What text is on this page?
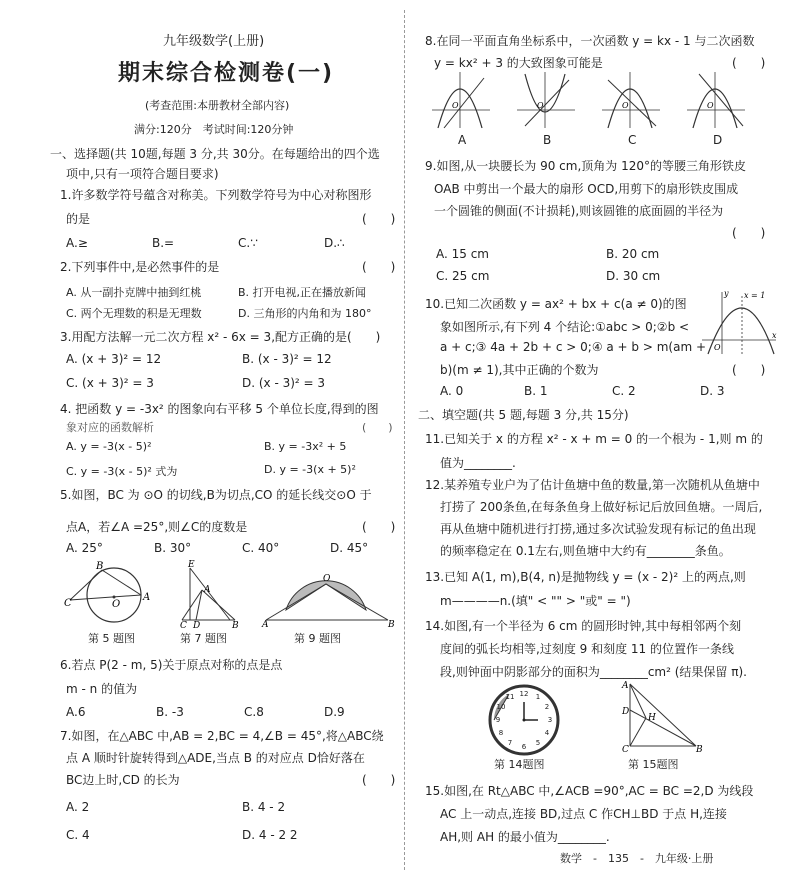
九年级数学(上册)
期末综合检测卷(一)
(考查范围:本册教材全部内容)
满分:120分　考试时间:120分钟
一、选择题(共 10题,每题 3 分,共 30分。在每题给出的四个选
项中,只有一项符合题目要求)
1.许多数学符号蕴含对称美。下列数学符号为中心对称图形
的是	(　　)
A.≥	B.=	C.∵	D.∴
2.下列事件中,是必然事件的是	(　　)
A. 从一副扑克牌中抽到红桃	B. 打开电视,正在播放新闻
C. 两个无理数的积是无理数	D. 三角形的内角和为 180°
3.用配方法解一元二次方程 x² - 6x = 3,配方正确的是(　　)
A. (x + 3)² = 12	B. (x - 3)² = 12
C. (x + 3)² = 3	D. (x - 3)² = 3
4. 把函数 y = -3x² 的图象向右平移 5 个单位长度,得到的图
象对应的函数解析	(　　)
A. y = -3(x - 5)²	B. y = -3x² + 5
C. y = -3(x - 5)² 式为	D. y = -3(x + 5)²
5.如图，BC 为 ⊙O 的切线,B为切点,CO 的延长线交⊙O 于
点A，若∠A =25°,则∠C的度数是	(　　)
A. 25°	B. 30°	C. 40°	D. 45°
C
B
O
A
第 5 题图
E
A
C D	B
第 7 题图
O
A	B
第 9 题图
6.若点 P(2 - m, 5)关于原点对称的点是点
m - n 的值为
A.6	B. -3	C.8	D.9
7.如图，在△ABC 中,AB = 2,BC = 4,∠B = 45°,将△ABC绕
点 A 顺时针旋转得到△ADE,当点 B 的对应点 D恰好落在
BC边上时,CD 的长为	(　　)
A. 2	B. 4 - 2
C. 4	D. 4 - 2 2
8.在同一平面直角坐标系中，一次函数 y = kx - 1 与二次函数
y = kx² + 3 的大致图象可能是	(　　)
O	O	O	O
A	B	C	D
9.如图,从一块腰长为 90 cm,顶角为 120°的等腰三角形铁皮
OAB 中剪出一个最大的扇形 OCD,用剪下的扇形铁皮围成
一个圆锥的侧面(不计损耗),则该圆锥的底面圆的半径为
(　　)
A. 15 cm	B. 20 cm
C. 25 cm	D. 30 cm
10.已知二次函数 y = ax² + bx + c(a ≠ 0)的图
象如图所示,有下列 4 个结论:①abc > 0;②b <
a + c;③ 4a + 2b + c > 0;④ a + b > m(am +
b)(m ≠ 1),其中正确的个数为	(　　)
O
x
y x = 1
A. 0	B. 1	C. 2	D. 3
二、填空题(共 5 题,每题 3 分,共 15分)
11.已知关于 x 的方程 x² - x + m = 0 的一个根为 - 1,则 m 的
值为________.
12.某养殖专业户为了估计鱼塘中鱼的数量,第一次随机从鱼塘中
打捞了 200条鱼,在每条鱼身上做好标记后放回鱼塘。一周后,
再从鱼塘中随机进行打捞,通过多次试验发现有标记的鱼出现
的频率稳定在 0.1左右,则鱼塘中大约有________条鱼。
13.已知 A(1, m),B(4, n)是抛物线 y = (x - 2)² 上的两点,则
m————n.(填" < "" > "或" = ")
14.如图,有一个半径为 6 cm 的圆形时钟,其中每相邻两个刻
度间的弧长均相等,过刻度 9 和刻度 11 的位置作一条线
段,则钟面中阴影部分的面积为________cm² (结果保留 π).
12 1
2
3
4
5
6
7
8
9
10
11
第 14题图
A
D
H
C	B
第 15题图
15.如图,在 Rt△ABC 中,∠ACB =90°,AC = BC =2,D 为线段
AC 上一动点,连接 BD,过点 C 作CH⊥BD 于点 H,连接
AH,则 AH 的最小值为________.
数学　-　135　-　九年级·上册
